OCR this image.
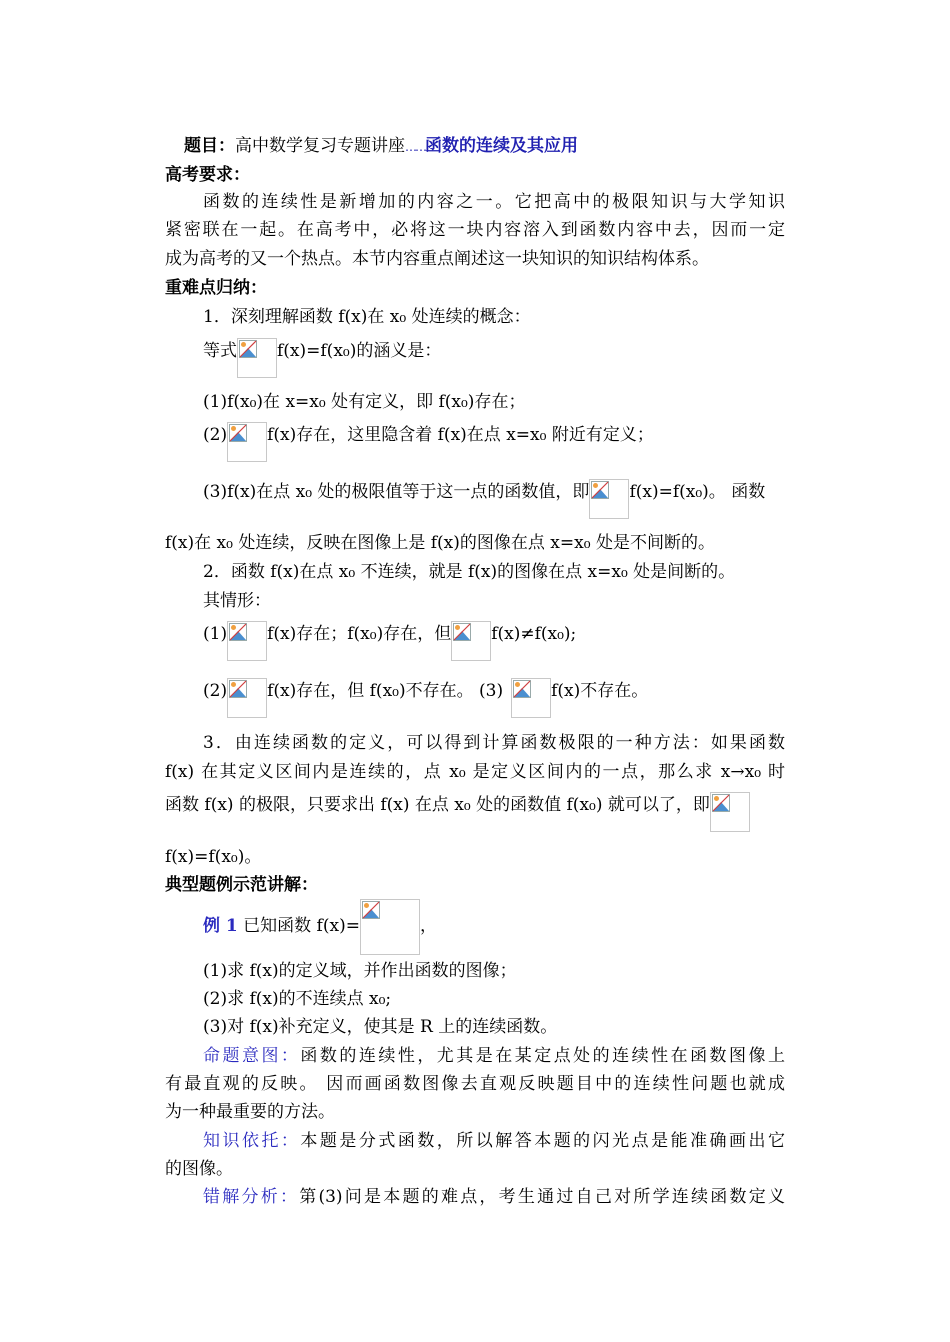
题目：高中数学复习专题讲座……函数的连续及其应用
高考要求：
函数的连续性是新增加的内容之一。它把高中的极限知识与大学知识
紧密联在一起。在高考中，必将这一块内容溶入到函数内容中去，因而一定
成为高考的又一个热点。本节内容重点阐述这一块知识的知识结构体系。
重难点归纳：
1．深刻理解函数 f(x)在 x₀ 处连续的概念：
等式 f(x)=f(x₀)的涵义是：
(1)f(x₀)在 x=x₀ 处有定义，即 f(x₀)存在；
(2) f(x)存在，这里隐含着 f(x)在点 x=x₀ 附近有定义；
(3)f(x)在点 x₀ 处的极限值等于这一点的函数值，即 f(x)=f(x₀)。 函数
f(x)在 x₀ 处连续，反映在图像上是 f(x)的图像在点 x=x₀ 处是不间断的。
2．函数 f(x)在点 x₀ 不连续，就是 f(x)的图像在点 x=x₀ 处是间断的。
其情形：
(1) f(x)存在；f(x₀)存在，但 f(x)≠f(x₀);
(2) f(x)存在，但 f(x₀)不存在。 (3)	f(x)不存在。
3．由连续函数的定义，可以得到计算函数极限的一种方法：如果函数
f(x) 在其定义区间内是连续的，点 x₀ 是定义区间内的一点，那么求 x→x₀ 时
函数 f(x) 的极限，只要求出 f(x) 在点 x₀ 处的函数值 f(x₀) 就可以了，即
f(x)=f(x₀)。
典型题例示范讲解：
例 1 已知函数 f(x)=	，
(1)求 f(x)的定义域，并作出函数的图像；
(2)求 f(x)的不连续点 x₀;
(3)对 f(x)补充定义，使其是 R 上的连续函数。
命题意图：函数的连续性，尤其是在某定点处的连续性在函数图像上
有最直观的反映。 因而画函数图像去直观反映题目中的连续性问题也就成
为一种最重要的方法。
知识依托：本题是分式函数，所以解答本题的闪光点是能准确画出它
的图像。
错解分析：第(3)问是本题的难点，考生通过自己对所学连续函数定义
